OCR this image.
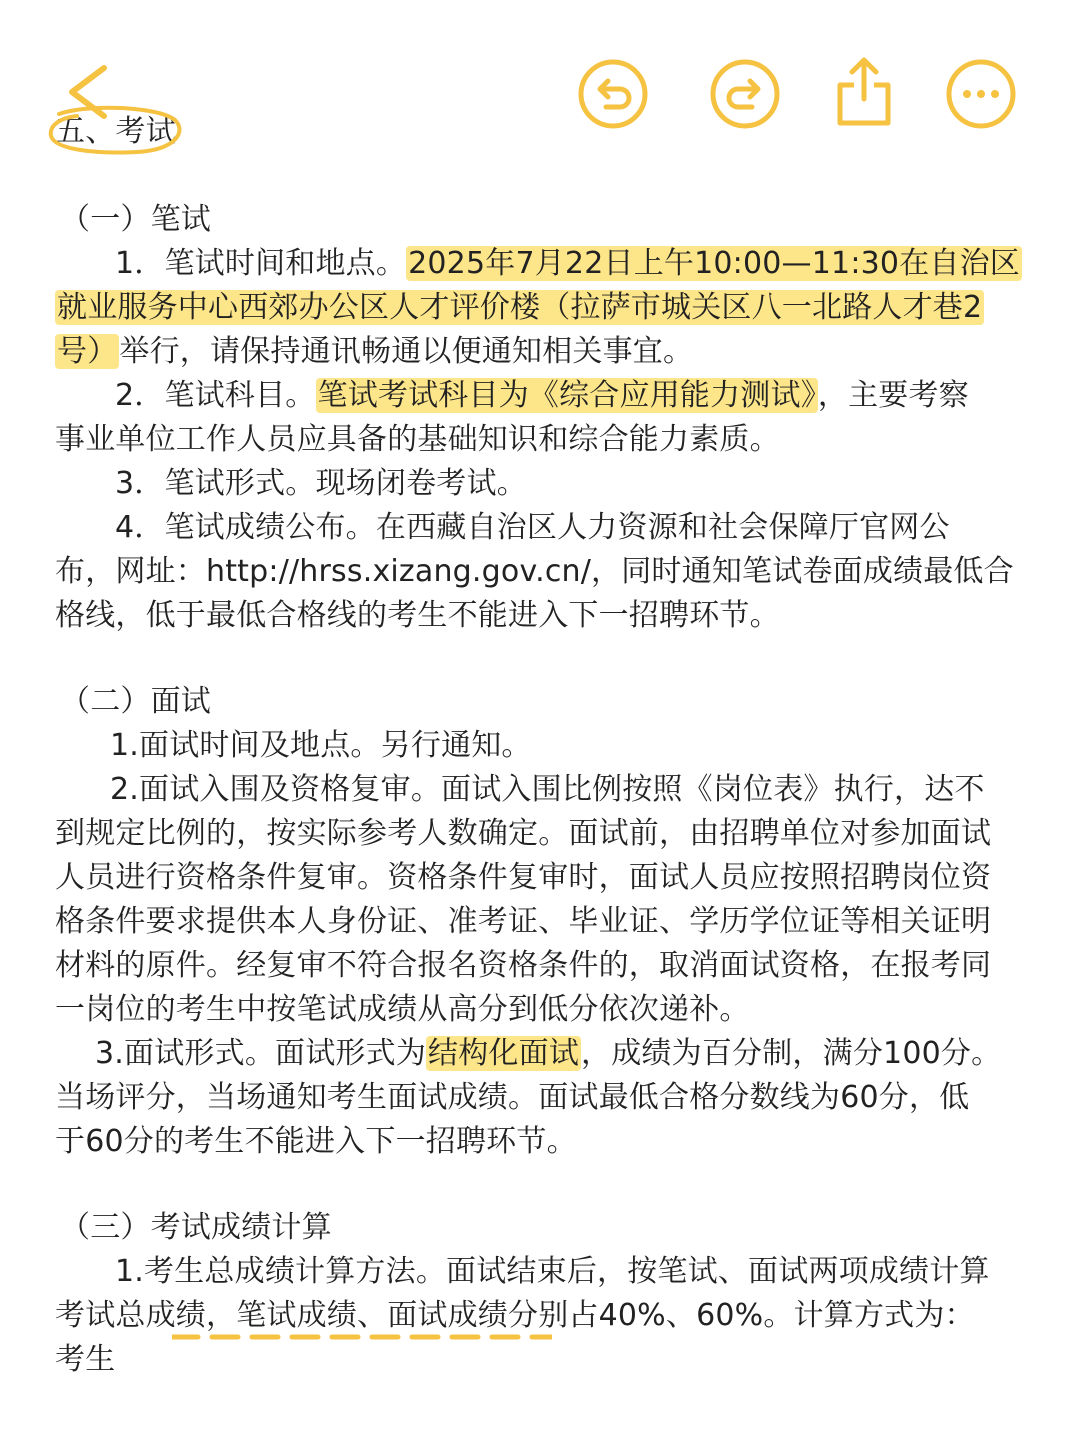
五、考试
（一）笔试
1．笔试时间和地点。2025年7月22日上午10:00—11:30在自治区
就业服务中心西郊办公区人才评价楼（拉萨市城关区八一北路人才巷2
号）举行，请保持通讯畅通以便通知相关事宜。
2．笔试科目。笔试考试科目为《综合应用能力测试》，主要考察
事业单位工作人员应具备的基础知识和综合能力素质。
3．笔试形式。现场闭卷考试。
4．笔试成绩公布。在西藏自治区人力资源和社会保障厅官网公
布，网址：http://hrss.xizang.gov.cn/，同时通知笔试卷面成绩最低合
格线，低于最低合格线的考生不能进入下一招聘环节。
（二）面试
1.面试时间及地点。另行通知。
2.面试入围及资格复审。面试入围比例按照《岗位表》执行，达不
到规定比例的，按实际参考人数确定。面试前，由招聘单位对参加面试
人员进行资格条件复审。资格条件复审时，面试人员应按照招聘岗位资
格条件要求提供本人身份证、准考证、毕业证、学历学位证等相关证明
材料的原件。经复审不符合报名资格条件的，取消面试资格，在报考同
一岗位的考生中按笔试成绩从高分到低分依次递补。
3.面试形式。面试形式为结构化面试，成绩为百分制，满分100分。
当场评分，当场通知考生面试成绩。面试最低合格分数线为60分，低
于60分的考生不能进入下一招聘环节。
（三）考试成绩计算
1.考生总成绩计算方法。面试结束后，按笔试、面试两项成绩计算
考试总成绩，笔试成绩、面试成绩分别占40%、60%。计算方式为：
考生
